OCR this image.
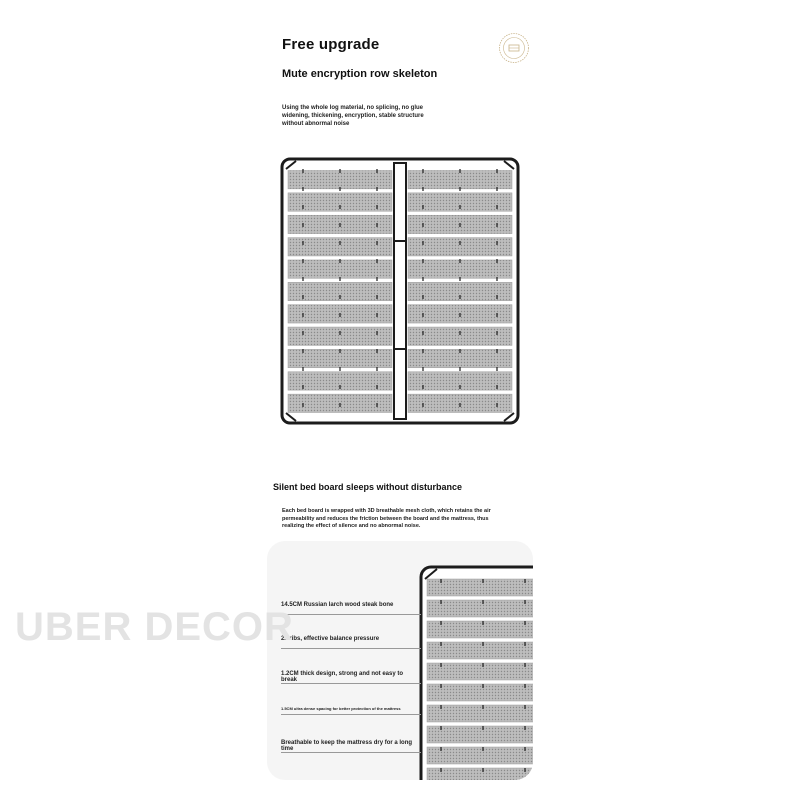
Free upgrade
Mute encryption row skeleton
Using the whole log material, no splicing, no glue widening, thickening, encryption, stable structure without abnormal noise
Silent bed board sleeps without disturbance
Each bed board is wrapped with 3D breathable mesh cloth, which retains the air permeability and reduces the friction between the board and the mattress, thus realizing the effect of silence and no abnormal noise.
14.5CM Russian larch wood steak bone
22 ribs, effective balance pressure
1.2CM thick design, strong and not easy to break
1.5CM ultra dense spacing for better protection of the mattress
Breathable to keep the mattress dry for a long time
UBER DECOR
